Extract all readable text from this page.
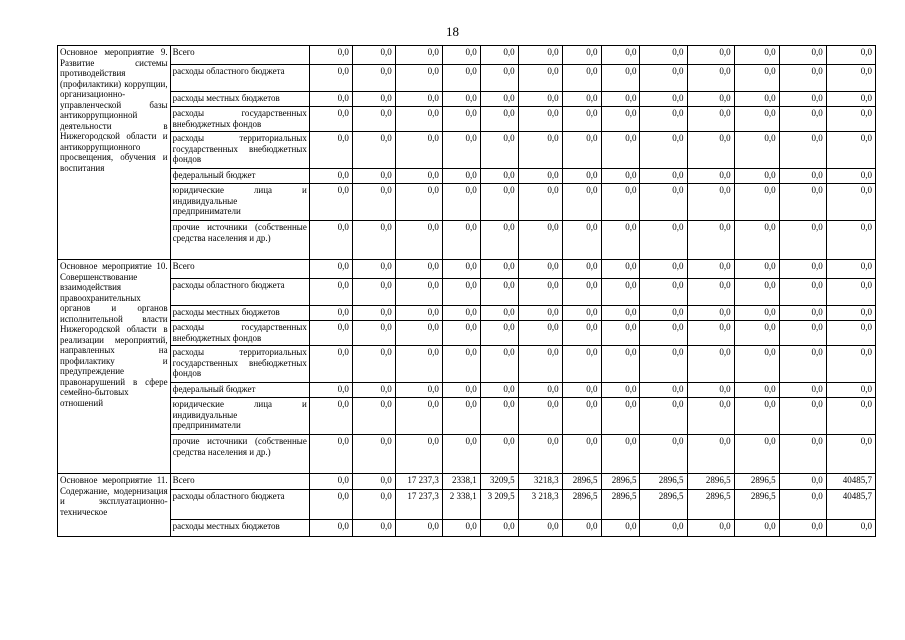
18
Основное мероприятие 9. Развитие системы противодействия (профилактики) коррупции, организационно-управленческой базы антикоррупционной деятельности в Нижегородской области и антикоррупционного просвещения, обучения и воспитания	Всего	0,0	0,0	0,0	0,0	0,0	0,0	0,0	0,0	0,0	0,0	0,0	0,0	0,0
	расходы областного бюджета	0,0	0,0	0,0	0,0	0,0	0,0	0,0	0,0	0,0	0,0	0,0	0,0	0,0
	расходы местных бюджетов	0,0	0,0	0,0	0,0	0,0	0,0	0,0	0,0	0,0	0,0	0,0	0,0	0,0
	расходы государственных внебюджетных фондов	0,0	0,0	0,0	0,0	0,0	0,0	0,0	0,0	0,0	0,0	0,0	0,0	0,0
	расходы территориальных государственных внебюджетных фондов	0,0	0,0	0,0	0,0	0,0	0,0	0,0	0,0	0,0	0,0	0,0	0,0	0,0
	федеральный бюджет	0,0	0,0	0,0	0,0	0,0	0,0	0,0	0,0	0,0	0,0	0,0	0,0	0,0
	юридические лица и индивидуальные предприниматели	0,0	0,0	0,0	0,0	0,0	0,0	0,0	0,0	0,0	0,0	0,0	0,0	0,0
	прочие источники (собственные средства населения и др.)	0,0	0,0	0,0	0,0	0,0	0,0	0,0	0,0	0,0	0,0	0,0	0,0	0,0
Основное мероприятие 10. Совершенствование взаимодействия правоохранительных органов и органов исполнительной власти Нижегородской области в реализации мероприятий, направленных на профилактику и предупреждение правонарушений в сфере семейно-бытовых отношений	Всего	0,0	0,0	0,0	0,0	0,0	0,0	0,0	0,0	0,0	0,0	0,0	0,0	0,0
	расходы областного бюджета	0,0	0,0	0,0	0,0	0,0	0,0	0,0	0,0	0,0	0,0	0,0	0,0	0,0
	расходы местных бюджетов	0,0	0,0	0,0	0,0	0,0	0,0	0,0	0,0	0,0	0,0	0,0	0,0	0,0
	расходы государственных внебюджетных фондов	0,0	0,0	0,0	0,0	0,0	0,0	0,0	0,0	0,0	0,0	0,0	0,0	0,0
	расходы территориальных государственных внебюджетных фондов	0,0	0,0	0,0	0,0	0,0	0,0	0,0	0,0	0,0	0,0	0,0	0,0	0,0
	федеральный бюджет	0,0	0,0	0,0	0,0	0,0	0,0	0,0	0,0	0,0	0,0	0,0	0,0	0,0
	юридические лица и индивидуальные предприниматели	0,0	0,0	0,0	0,0	0,0	0,0	0,0	0,0	0,0	0,0	0,0	0,0	0,0
	прочие источники (собственные средства населения и др.)	0,0	0,0	0,0	0,0	0,0	0,0	0,0	0,0	0,0	0,0	0,0	0,0	0,0
Основное мероприятие 11. Содержание, модернизация и эксплуатационно-техническое	Всего	0,0	0,0	17 237,3	2338,1	3209,5	3218,3	2896,5	2896,5	2896,5	2896,5	2896,5	0,0	40485,7
	расходы областного бюджета	0,0	0,0	17 237,3	2 338,1	3 209,5	3 218,3	2896,5	2896,5	2896,5	2896,5	2896,5	0,0	40485,7
	расходы местных бюджетов	0,0	0,0	0,0	0,0	0,0	0,0	0,0	0,0	0,0	0,0	0,0	0,0	0,0
